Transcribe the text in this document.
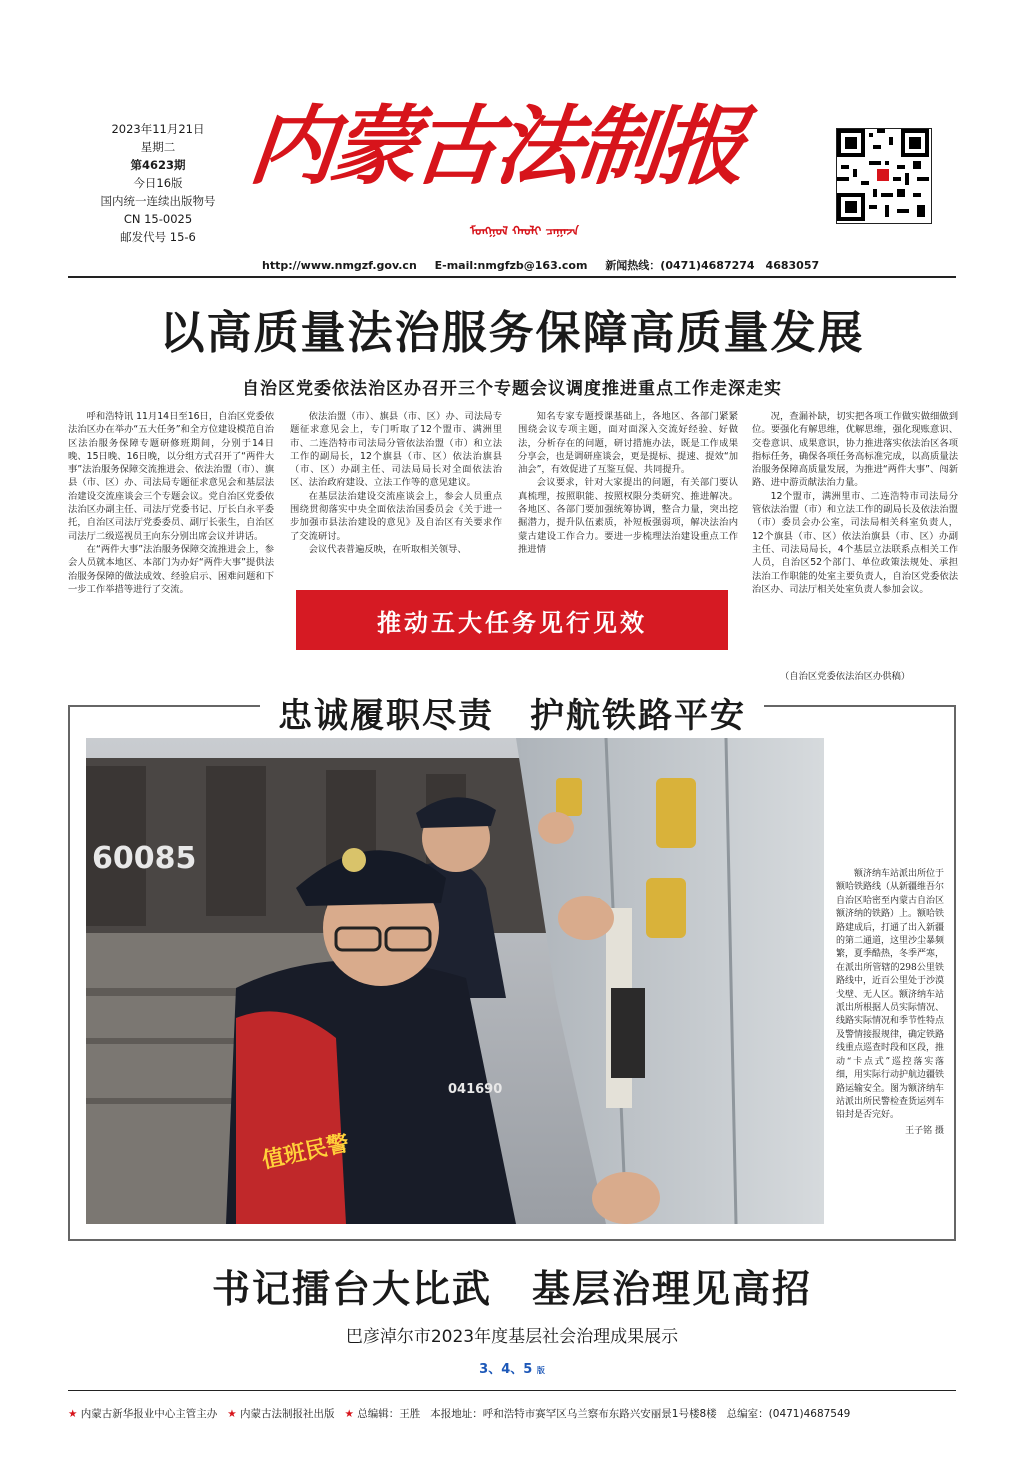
2023年11月21日
星期二
第4623期
今日16版
国内统一连续出版物号
CN 15-0025
邮发代号 15-6
内蒙古法制报
ᠮᠣᠩᠭᠤᠯ ᠬᠠᠤᠯᠢ ᠴᠠᠭᠠᠵᠠ
http://www.nmgzf.gov.cn E-mail:nmgfzb@163.com 新闻热线：(0471)4687274　4683057
以高质量法治服务保障高质量发展
自治区党委依法治区办召开三个专题会议调度推进重点工作走深走实

呼和浩特讯 11月14日至16日，自治区党委依法治区办在举办“五大任务”和全方位建设模范自治区法治服务保障专题研修班期间，分别于14日晚、15日晚、16日晚，以分组方式召开了“两件大事”法治服务保障交流推进会、依法治盟（市）、旗县（市、区）办、司法局专题征求意见会和基层法治建设交流座谈会三个专题会议。党自治区党委依法治区办副主任、司法厅党委书记、厅长白永平委托，自治区司法厅党委委员、副厅长张生，自治区司法厅二级巡视员王向东分别出席会议并讲话。

在“两件大事”法治服务保障交流推进会上，参会人员就本地区、本部门为办好“两件大事”提供法治服务保障的做法成效、经验启示、困难问题和下一步工作举措等进行了交流。

依法治盟（市）、旗县（市、区）办、司法局专题征求意见会上，专门听取了12个盟市、满洲里市、二连浩特市司法局分管依法治盟（市）和立法工作的副局长，12个旗县（市、区）依法治旗县（市、区）办副主任、司法局局长对全面依法治区、法治政府建设、立法工作等的意见建议。

在基层法治建设交流座谈会上，参会人员重点围绕贯彻落实中央全面依法治国委员会《关于进一步加强市县法治建设的意见》及自治区有关要求作了交流研讨。

会议代表普遍反映，在听取相关领导、

知名专家专题授课基础上，各地区、各部门紧紧围绕会议专项主题，面对面深入交流好经验、好做法，分析存在的问题，研讨措施办法，既是工作成果分享会，也是调研座谈会，更是提标、提速、提效“加油会”，有效促进了互鉴互促、共同提升。

会议要求，针对大家提出的问题，有关部门要认真梳理，按照职能、按照权限分类研究、推进解决。各地区、各部门要加强统筹协调，整合力量，突出挖掘潜力，提升队伍素质，补短板强弱项，解决法治内蒙古建设工作合力。要进一步梳理法治建设重点工作推进情

况，查漏补缺，切实把各项工作做实做细做到位。要强化有解思维，优解思维，强化现账意识、交卷意识、成果意识，协力推进落实依法治区各项指标任务，确保各项任务高标准完成，以高质量法治服务保障高质量发展，为推进“两件大事”、闯新路、进中游贡献法治力量。

12个盟市，满洲里市、二连浩特市司法局分管依法治盟（市）和立法工作的副局长及依法治盟（市）委员会办公室，司法局相关科室负责人，12个旗县（市、区）依法治旗县（市、区）办副主任、司法局局长，4个基层立法联系点相关工作人员，自治区52个部门、单位政策法规处、承担法治工作职能的处室主要负责人，自治区党委依法治区办、司法厅相关处室负责人参加会议。

推动五大任务见行见效
（自治区党委依法治区办供稿）
忠诚履职尽责　护航铁路平安
60085
041690
值班民警

额济纳车站派出所位于额哈铁路线（从新疆维吾尔自治区哈密至内蒙古自治区额济纳的铁路）上。额哈铁路建成后，打通了出入新疆的第二通道，这里沙尘暴频繁，夏季酷热，冬季严寒，在派出所管辖的298公里铁路线中，近百公里处于沙漠戈壁、无人区。额济纳车站派出所根据人员实际情况、线路实际情况和季节性特点及警情接报规律，确定铁路线重点巡查时段和区段，推动“卡点式”巡控落实落细，用实际行动护航边疆铁路运输安全。图为额济纳车站派出所民警检查货运列车铅封是否完好。

王子铭 摄
书记擂台大比武　基层治理见高招
巴彦淖尔市2023年度基层社会治理成果展示
3、4、5 版
★ 内蒙古新华报业中心主管主办 ★ 内蒙古法制报社出版 ★ 总编辑：王胜 本报地址：呼和浩特市赛罕区乌兰察布东路兴安丽景1号楼8楼 总编室：(0471)4687549
